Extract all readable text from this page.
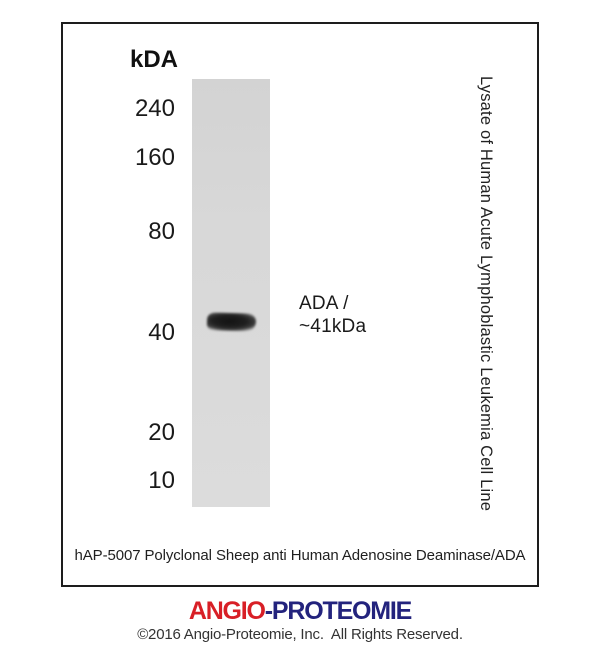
kDA
240
160
80
40
20
10
ADA /
~41kDa	Lysate of Human Acute Lymphoblastic Leukemia Cell Line
hAP-5007 Polyclonal Sheep anti Human Adenosine Deaminase/ADA
ANGIO-PROTEOMIE
©2016 Angio-Proteomie, Inc.  All Rights Reserved.
